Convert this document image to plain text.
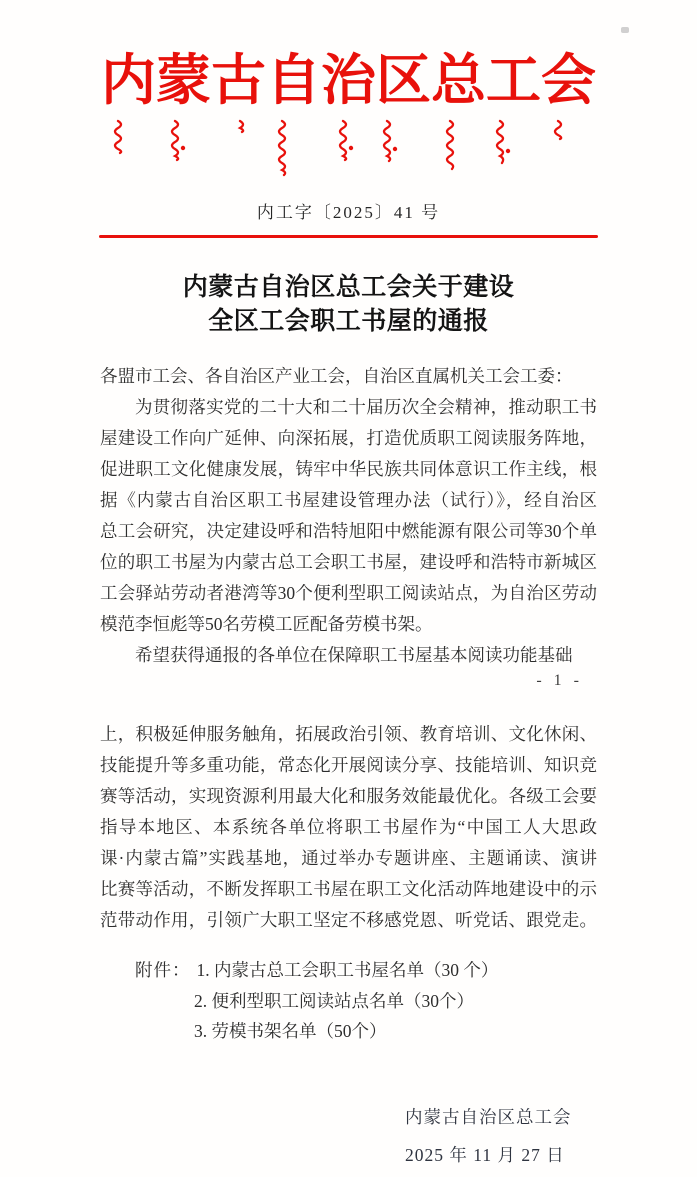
内蒙古自治区总工会
内工字〔2025〕41 号
内蒙古自治区总工会关于建设
全区工会职工书屋的通报
各盟市工会、各自治区产业工会，自治区直属机关工会工委：
为贯彻落实党的二十大和二十届历次全会精神，推动职工书
屋建设工作向广延伸、向深拓展，打造优质职工阅读服务阵地，
促进职工文化健康发展，铸牢中华民族共同体意识工作主线，根
据《内蒙古自治区职工书屋建设管理办法（试行）》，经自治区
总工会研究，决定建设呼和浩特旭阳中燃能源有限公司等30个单
位的职工书屋为内蒙古总工会职工书屋，建设呼和浩特市新城区
工会驿站劳动者港湾等30个便利型职工阅读站点，为自治区劳动
模范李恒彪等50名劳模工匠配备劳模书架。
希望获得通报的各单位在保障职工书屋基本阅读功能基础
- 1 -
上，积极延伸服务触角，拓展政治引领、教育培训、文化休闲、
技能提升等多重功能，常态化开展阅读分享、技能培训、知识竞
赛等活动，实现资源利用最大化和服务效能最优化。各级工会要
指导本地区、本系统各单位将职工书屋作为“中国工人大思政
课·内蒙古篇”实践基地，通过举办专题讲座、主题诵读、演讲
比赛等活动，不断发挥职工书屋在职工文化活动阵地建设中的示
范带动作用，引领广大职工坚定不移感党恩、听党话、跟党走。
附件： 1. 内蒙古总工会职工书屋名单（30 个）
2. 便利型职工阅读站点名单（30个）
3. 劳模书架名单（50个）
内蒙古自治区总工会
2025 年 11 月 27 日
